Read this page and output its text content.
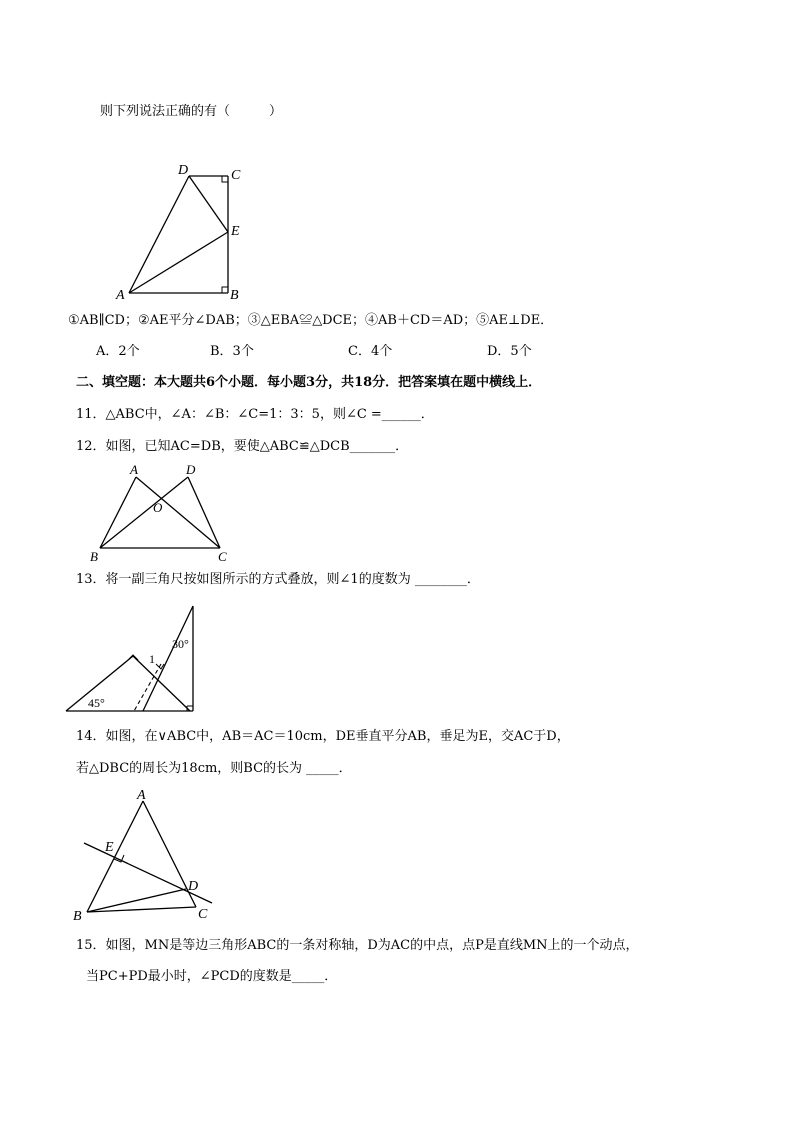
则下列说法正确的有（　　　）
D	C
E
A	B
①AB∥CD；②AE平分∠DAB；③△EBA≌△DCE；④AB＋CD＝AD；⑤AE⊥DE．
A．2个	B．3个	C．4个	D．5个
二、填空题：本大题共6个小题．每小题3分，共18分．把答案填在题中横线上．
11．△ABC中，∠A：∠B：∠C=1：3：5，则∠C =______．
12．如图，已知AC=DB，要使△ABC≌△DCB_______．
A	D
O
B	C
13．将一副三角尺按如图所示的方式叠放，则∠1的度数为 ________．
30°
1
45°
14．如图，在∨ABC中，AB＝AC＝10cm，DE垂直平分AB，垂足为E，交AC于D，
若△DBC的周长为18cm，则BC的长为 _____．
A
E
D
B	C
15．如图，MN是等边三角形ABC的一条对称轴，D为AC的中点，点P是直线MN上的一个动点，
当PC+PD最小时，∠PCD的度数是_____．
